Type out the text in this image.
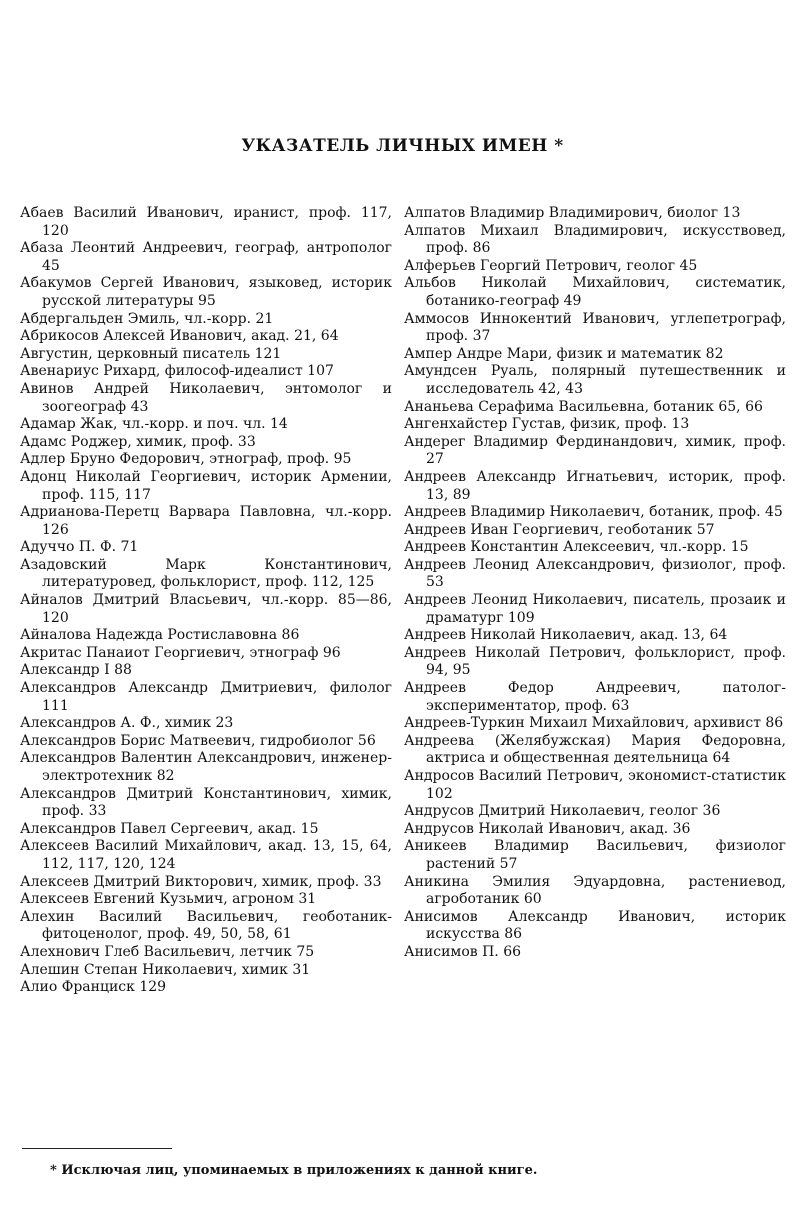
УКАЗАТЕЛЬ ЛИЧНЫХ ИМЕН *

Абаев Василий Иванович, иранист, проф. 117, 120

Абаза Леонтий Андреевич, географ, антрополог 45

Абакумов Сергей Иванович, языковед, историк русской литературы 95

Абдергальден Эмиль, чл.-корр. 21

Абрикосов Алексей Иванович, акад. 21, 64

Августин, церковный писатель 121

Авенариус Рихард, философ-идеалист 107

Авинов Андрей Николаевич, энтомолог и зоогеограф 43

Адамар Жак, чл.-корр. и поч. чл. 14

Адамс Роджер, химик, проф. 33

Адлер Бруно Федорович, этнограф, проф. 95

Адонц Николай Георгиевич, историк Армении, проф. 115, 117

Адрианова-Перетц Варвара Павловна, чл.-корр. 126

Адуччо П. Ф. 71

Азадовский Марк Константинович, литературовед, фольклорист, проф. 112, 125

Айналов Дмитрий Власьевич, чл.-корр. 85—86, 120

Айналова Надежда Ростиславовна 86

Акритас Панаиот Георгиевич, этнограф 96

Александр I 88

Александров Александр Дмитриевич, филолог 111

Александров А. Ф., химик 23

Александров Борис Матвеевич, гидробиолог 56

Александров Валентин Александрович, инженер-электротехник 82

Александров Дмитрий Константинович, химик, проф. 33

Александров Павел Сергеевич, акад. 15

Алексеев Василий Михайлович, акад. 13, 15, 64, 112, 117, 120, 124

Алексеев Дмитрий Викторович, химик, проф. 33

Алексеев Евгений Кузьмич, агроном 31

Алехин Василий Васильевич, геоботаник-фитоценолог, проф. 49, 50, 58, 61

Алехнович Глеб Васильевич, летчик 75

Алешин Степан Николаевич, химик 31

Алио Франциск 129

Алпатов Владимир Владимирович, биолог 13

Алпатов Михаил Владимирович, искусствовед, проф. 86

Алферьев Георгий Петрович, геолог 45

Альбов Николай Михайлович, систематик, ботанико-географ 49

Аммосов Иннокентий Иванович, углепетрограф, проф. 37

Ампер Андре Мари, физик и математик 82

Амундсен Руаль, полярный путешественник и исследователь 42, 43

Ананьева Серафима Васильевна, ботаник 65, 66

Ангенхайстер Густав, физик, проф. 13

Андерег Владимир Фердинандович, химик, проф. 27

Андреев Александр Игнатьевич, историк, проф. 13, 89

Андреев Владимир Николаевич, ботаник, проф. 45

Андреев Иван Георгиевич, геоботаник 57

Андреев Константин Алексеевич, чл.-корр. 15

Андреев Леонид Александрович, физиолог, проф. 53

Андреев Леонид Николаевич, писатель, прозаик и драматург 109

Андреев Николай Николаевич, акад. 13, 64

Андреев Николай Петрович, фольклорист, проф. 94, 95

Андреев Федор Андреевич, патолог-экспериментатор, проф. 63

Андреев-Туркин Михаил Михайлович, архивист 86

Андреева (Желябужская) Мария Федоровна, актриса и общественная деятельница 64

Андросов Василий Петрович, экономист-статистик 102

Андрусов Дмитрий Николаевич, геолог 36

Андрусов Николай Иванович, акад. 36

Аникеев Владимир Васильевич, физиолог растений 57

Аникина Эмилия Эдуардовна, растениевод, агроботаник 60

Анисимов Александр Иванович, историк искусства 86

Анисимов П. 66

* Исключая лиц, упоминаемых в приложениях к данной книге.
